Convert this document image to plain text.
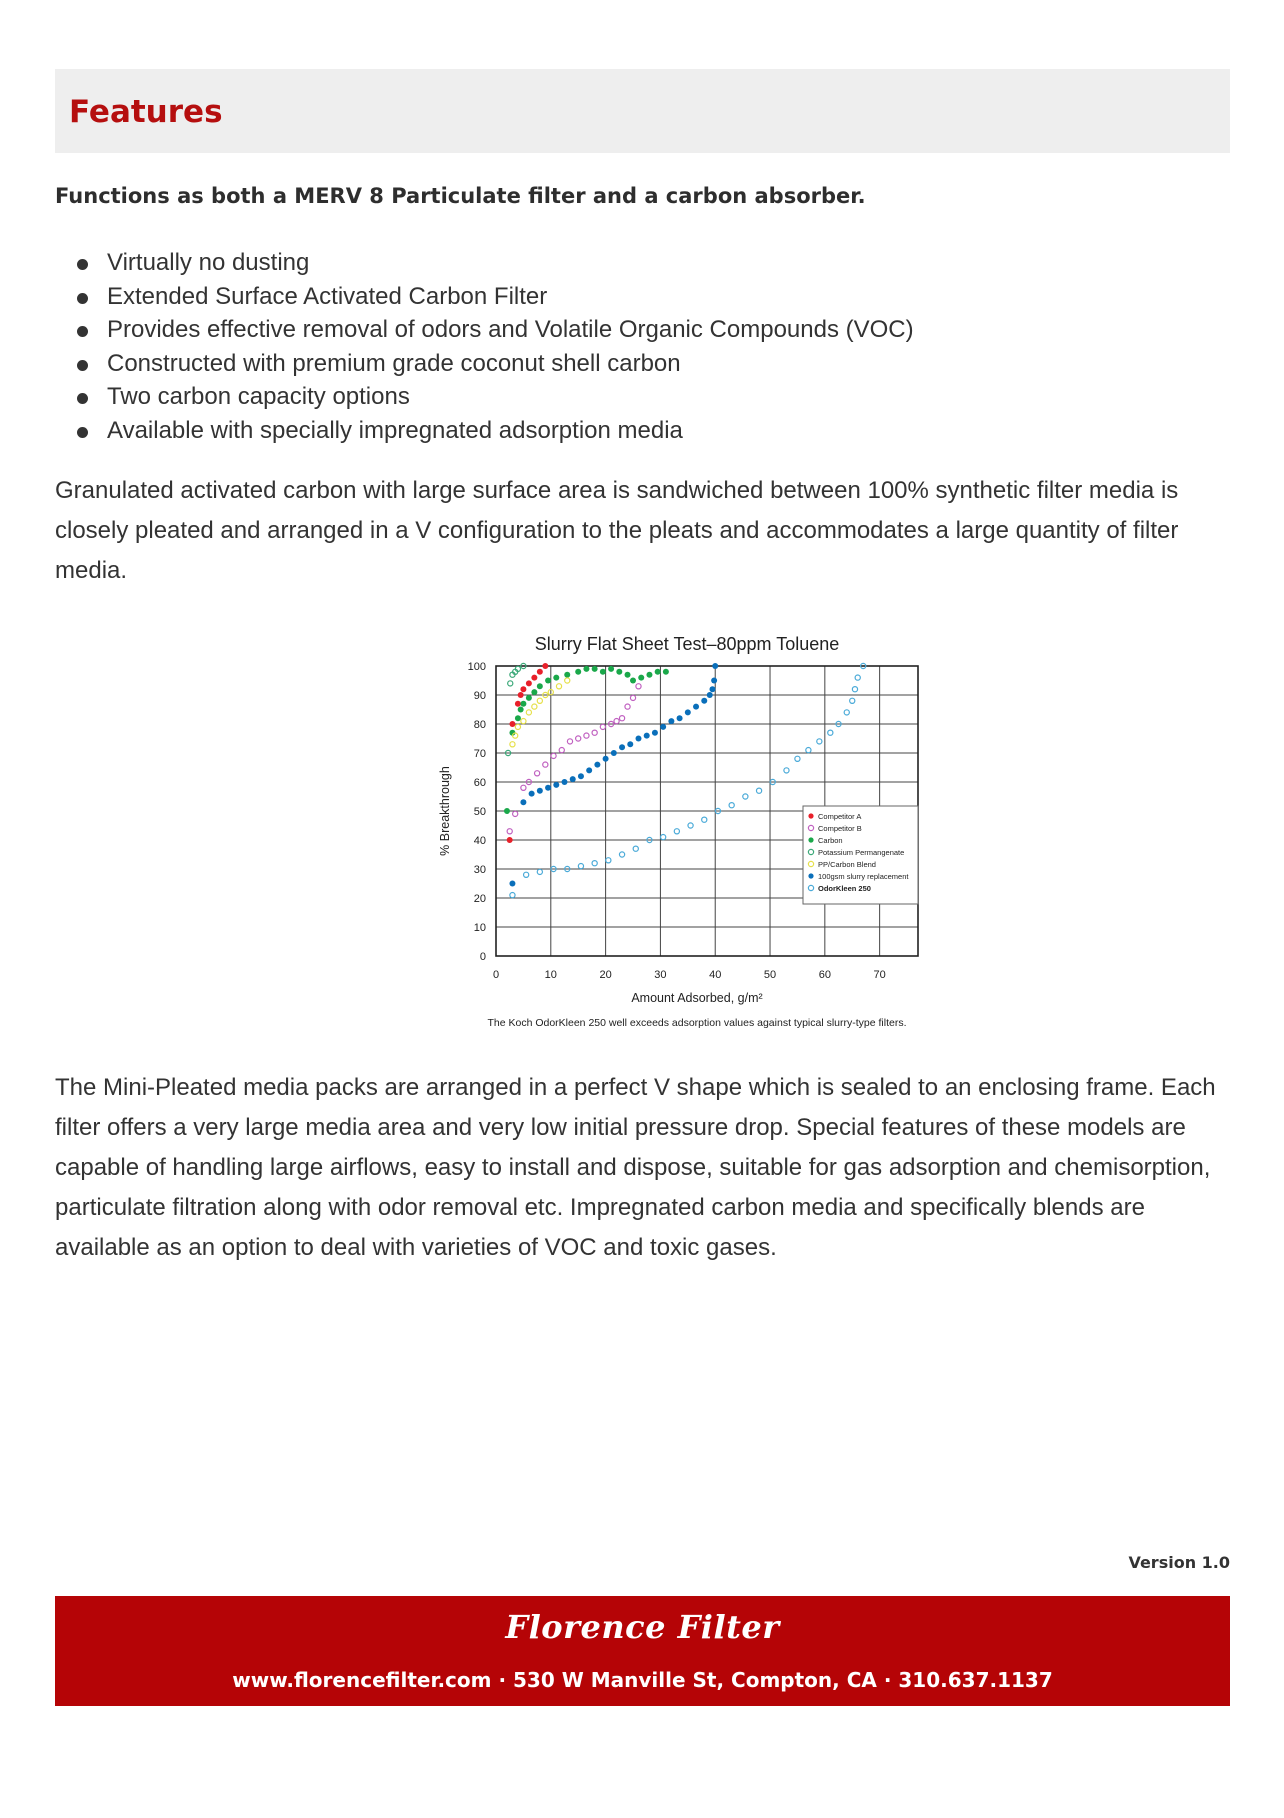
Features

Functions as both a MERV 8 Particulate filter and a carbon absorber.

Virtually no dusting
Extended Surface Activated Carbon Filter
Provides effective removal of odors and Volatile Organic Compounds (VOC)
Constructed with premium grade coconut shell carbon
Two carbon capacity options
Available with specially impregnated adsorption media

Granulated activated carbon with large surface area is sandwiched between 100% synthetic filter media is closely pleated and arranged in a V configuration to the pleats and accommodates a large quantity of filter media.

Slurry Flat Sheet Test–80ppm Toluene
0
10
20
30
40
50
60
70
80
90
100
0	10	20	30	40	50	60	70
Amount Adsorbed, g/m²
% Breakthrough
The Koch OdorKleen 250 well exceeds adsorption values against typical slurry-type filters.
Competitor A
Competitor B
Carbon
Potassium Permangenate
PP/Carbon Blend
100gsm slurry replacement
OdorKleen 250

The Mini-Pleated media packs are arranged in a perfect V shape which is sealed to an enclosing frame. Each filter offers a very large media area and very low initial pressure drop. Special features of these models are capable of handling large airflows, easy to install and dispose, suitable for gas adsorption and chemisorption, particulate filtration along with odor removal etc. Impregnated carbon media and specifically blends are available as an option to deal with varieties of VOC and toxic gases.

Version 1.0
Florence Filter
www.florencefilter.com · 530 W Manville St, Compton, CA · 310.637.1137
